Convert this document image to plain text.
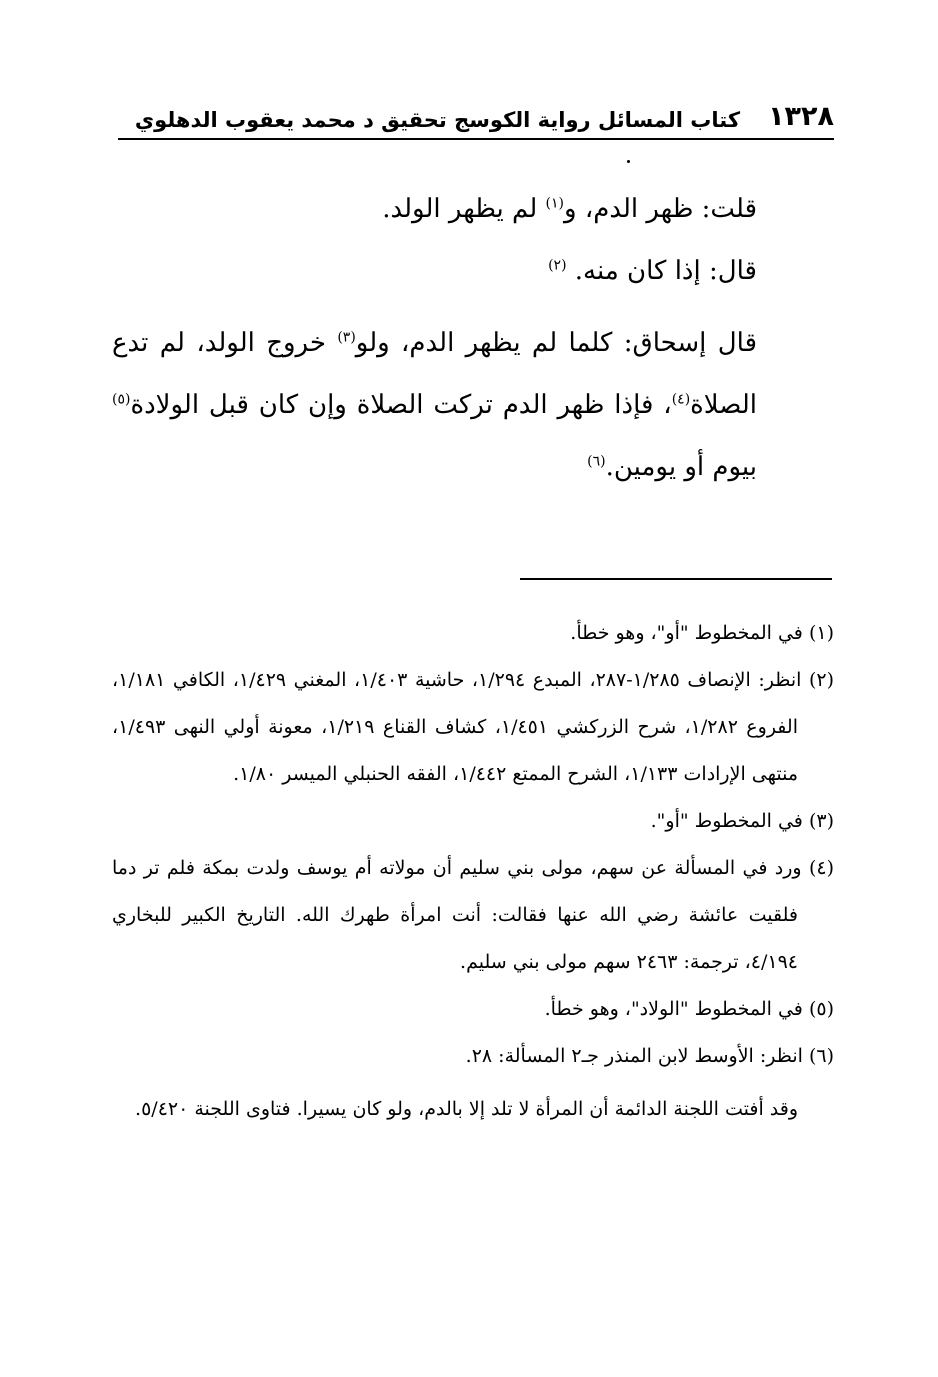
١٣٢٨
كتاب المسائل رواية الكوسج تحقيق د محمد يعقوب الدهلوي

قلت: ظهر الدم، و$^{(١)}$ لم يظهر الولد.

قال: إذا كان منه. $^{(٢)}$

قال إسحاق: كلما لم يظهر الدم، ولو$^{(٣)}$ خروج الولد، لم تدع الصلاة$^{(٤)}$، فإذا ظهر الدم تركت الصلاة وإن كان قبل الولادة$^{(٥)}$ بيوم أو يومين.$^{(٦)}$

(١) في المخطوط "أو"، وهو خطأ.

(٢) انظر: الإنصاف ١/٢٨٥-٢٨٧، المبدع ١/٢٩٤، حاشية ١/٤٠٣، المغني ١/٤٢٩، الكافي ١/١٨١، الفروع ١/٢٨٢، شرح الزركشي ١/٤٥١، كشاف القناع ١/٢١٩، معونة أولي النهى ١/٤٩٣، منتهى الإرادات ١/١٣٣، الشرح الممتع ١/٤٤٢، الفقه الحنبلي الميسر ١/٨٠.

(٣) في المخطوط "أو".

(٤) ورد في المسألة عن سهم، مولى بني سليم أن مولاته أم يوسف ولدت بمكة فلم تر دما فلقيت عائشة رضي الله عنها فقالت: أنت امرأة طهرك الله. التاريخ الكبير للبخاري ٤/١٩٤، ترجمة: ٢٤٦٣ سهم مولى بني سليم.

(٥) في المخطوط "الولاد"، وهو خطأ.

(٦) انظر: الأوسط لابن المنذر جـ٢ المسألة: ٢٨.

وقد أفتت اللجنة الدائمة أن المرأة لا تلد إلا بالدم، ولو كان يسيرا. فتاوى اللجنة ٥/٤٢٠.
